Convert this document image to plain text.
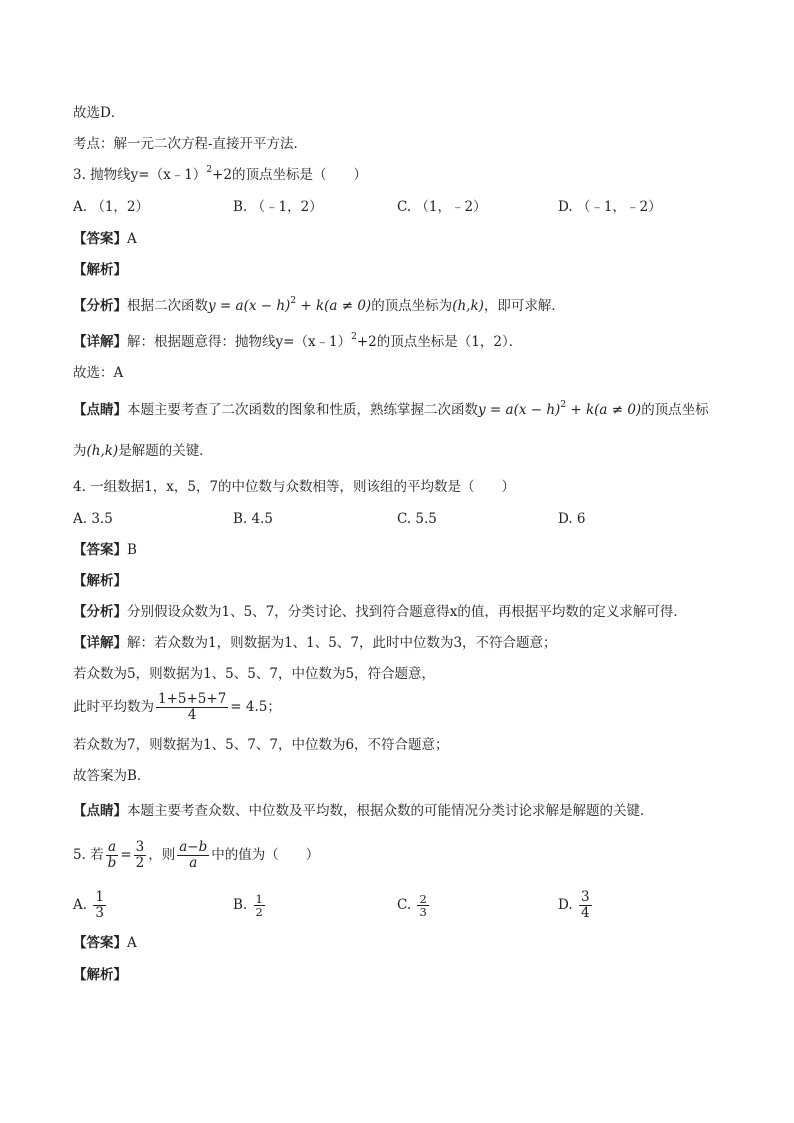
故选D．
考点：解一元二次方程-直接开平方法．
3. 抛物线y=（x﹣1）$^2$+2的顶点坐标是（　　）
A. （1，2）	B. （﹣1，2）	C. （1，﹣2）	D. （﹣1，﹣2）
【答案】A
【解析】
【分析】根据二次函数$y = a(x - h)^2 + k(a \ne 0)$的顶点坐标为(h,k)，即可求解．
【详解】解：根据题意得：抛物线y=（x﹣1）$^2$+2的顶点坐标是（1，2）．
故选：A
【点睛】本题主要考查了二次函数的图象和性质，熟练掌握二次函数$y = a(x - h)^2 + k(a \ne 0)$的顶点坐标
为(h,k)是解题的关键．
4. 一组数据1，x，5，7的中位数与众数相等，则该组的平均数是（　　）
A. 3.5	B. 4.5	C. 5.5	D. 6
【答案】B
【解析】
【分析】分别假设众数为1、5、7，分类讨论、找到符合题意得x的值，再根据平均数的定义求解可得．
【详解】解：若众数为1，则数据为1、1、5、7，此时中位数为3，不符合题意；
若众数为5，则数据为1、5、5、7，中位数为5，符合题意，
此时平均数为 $\frac{1+5+5+7}{4} = 4.5$；
若众数为7，则数据为1、5、7、7，中位数为6，不符合题意；
故答案为B．
【点睛】本题主要考查众数、中位数及平均数，根据众数的可能情况分类讨论求解是解题的关键．
5. 若 $\frac{a}{b} = \frac{3}{2}$ ，则 $\frac{a-b}{a}$ 中的值为（　　）
A. $\frac{1}{3}$	B. $\frac{1}{2}$	C. $\frac{2}{3}$	D. $\frac{3}{4}$
【答案】A
【解析】
